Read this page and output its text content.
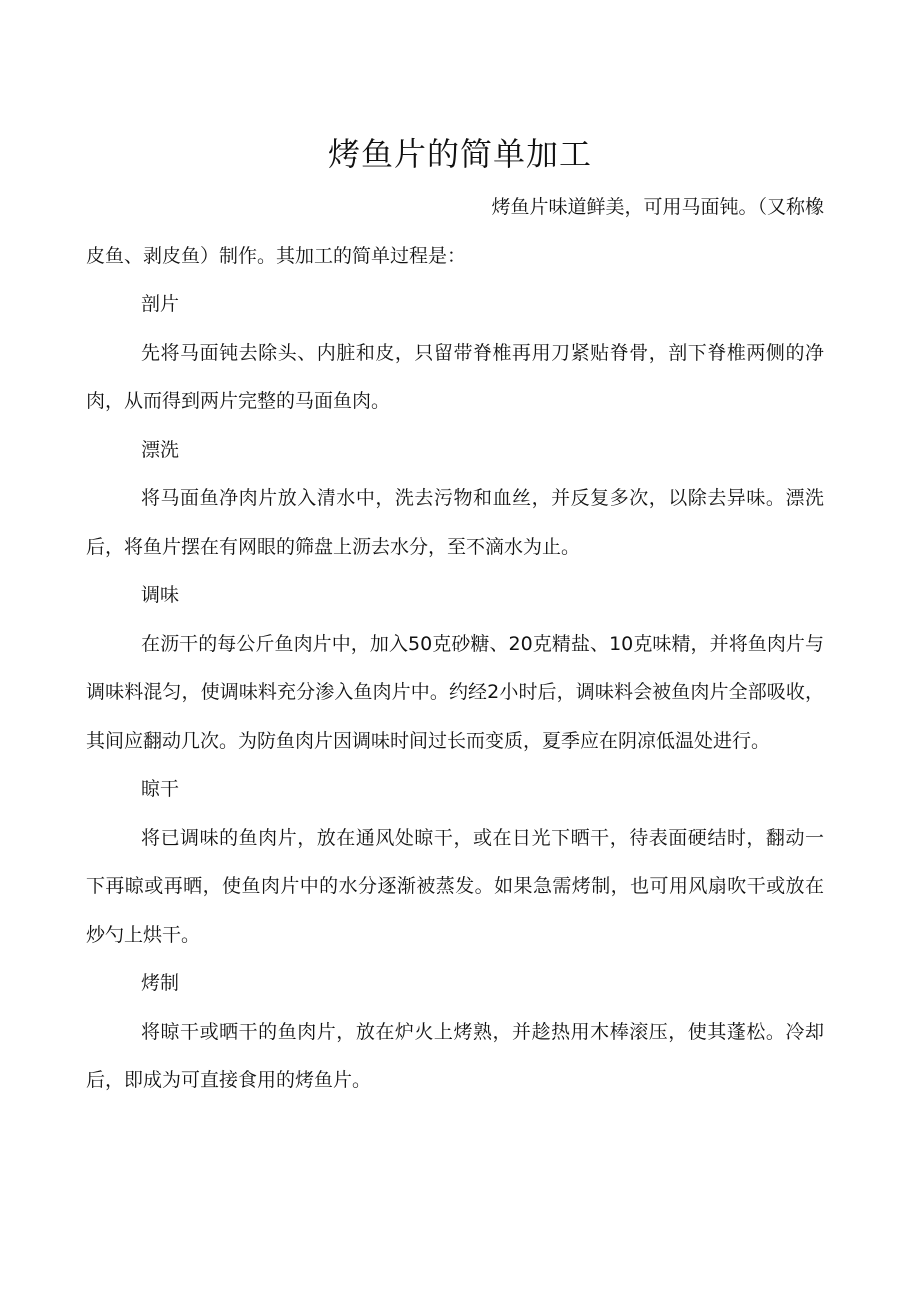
烤鱼片的简单加工

烤鱼片味道鲜美，可用马面钝。（又称橡

皮鱼、剥皮鱼）制作。其加工的简单过程是：

剖片

先将马面钝去除头、内脏和皮，只留带脊椎再用刀紧贴脊骨，剖下脊椎两侧的净肉，从而得到两片完整的马面鱼肉。

漂洗

将马面鱼净肉片放入清水中，洗去污物和血丝，并反复多次，以除去异味。漂洗后，将鱼片摆在有网眼的筛盘上沥去水分，至不滴水为止。

调味

在沥干的每公斤鱼肉片中，加入50克砂糖、20克精盐、10克味精，并将鱼肉片与调味料混匀，使调味料充分渗入鱼肉片中。约经2小时后，调味料会被鱼肉片全部吸收，其间应翻动几次。为防鱼肉片因调味时间过长而变质，夏季应在阴凉低温处进行。

晾干

将已调味的鱼肉片，放在通风处晾干，或在日光下晒干，待表面硬结时，翻动一下再晾或再晒，使鱼肉片中的水分逐渐被蒸发。如果急需烤制，也可用风扇吹干或放在炒勺上烘干。

烤制

将晾干或晒干的鱼肉片，放在炉火上烤熟，并趁热用木棒滚压，使其蓬松。冷却后，即成为可直接食用的烤鱼片。
